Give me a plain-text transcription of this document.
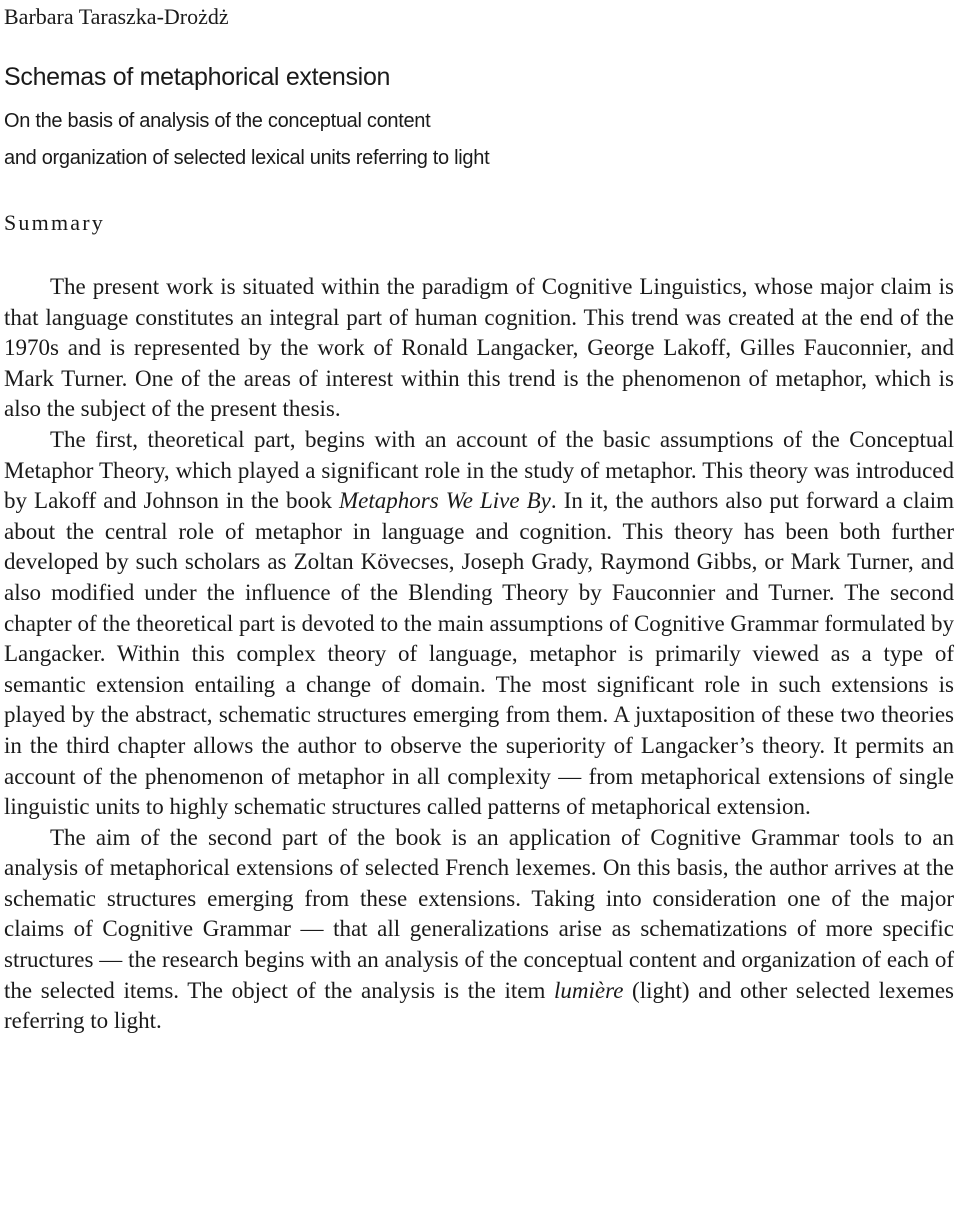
Barbara Taraszka-Drożdż
Schemas of metaphorical extension
On the basis of analysis of the conceptual content
and organization of selected lexical units referring to light
Summary

The present work is situated within the paradigm of Cognitive Linguistics, whose major claim is that language constitutes an integral part of human cognition. This trend was created at the end of the 1970s and is represented by the work of Ronald Langacker, George Lakoff, Gilles Fauconnier, and Mark Turner. One of the areas of interest within this trend is the phenomenon of metaphor, which is also the subject of the present thesis.

The first, theoretical part, begins with an account of the basic assumptions of the Conceptual Metaphor Theory, which played a significant role in the study of metaphor. This theory was introduced by Lakoff and Johnson in the book Metaphors We Live By. In it, the authors also put forward a claim about the central role of metaphor in language and cognition. This theory has been both further developed by such scholars as Zoltan Kövecses, Joseph Grady, Raymond Gibbs, or Mark Turner, and also modified under the influence of the Blending Theory by Fauconnier and Turner. The second chapter of the theoretical part is devoted to the main assumptions of Cognitive Grammar formulated by Langacker. Within this complex theory of language, metaphor is primarily viewed as a type of semantic extension entailing a change of domain. The most significant role in such extensions is played by the abstract, schematic structures emerging from them. A juxtaposition of these two theories in the third chapter allows the author to observe the superiority of Langacker’s theory. It permits an account of the phenomenon of metaphor in all complexity — from metaphorical extensions of single linguistic units to highly schematic structures called patterns of metaphorical extension.

The aim of the second part of the book is an application of Cognitive Grammar tools to an analysis of metaphorical extensions of selected French lexemes. On this basis, the author arrives at the schematic structures emerging from these extensions. Taking into consideration one of the major claims of Cognitive Grammar — that all generalizations arise as schematizations of more specific structures — the research begins with an analysis of the conceptual content and organization of each of the selected items. The object of the analysis is the item lumière (light) and other selected lexemes referring to light.
